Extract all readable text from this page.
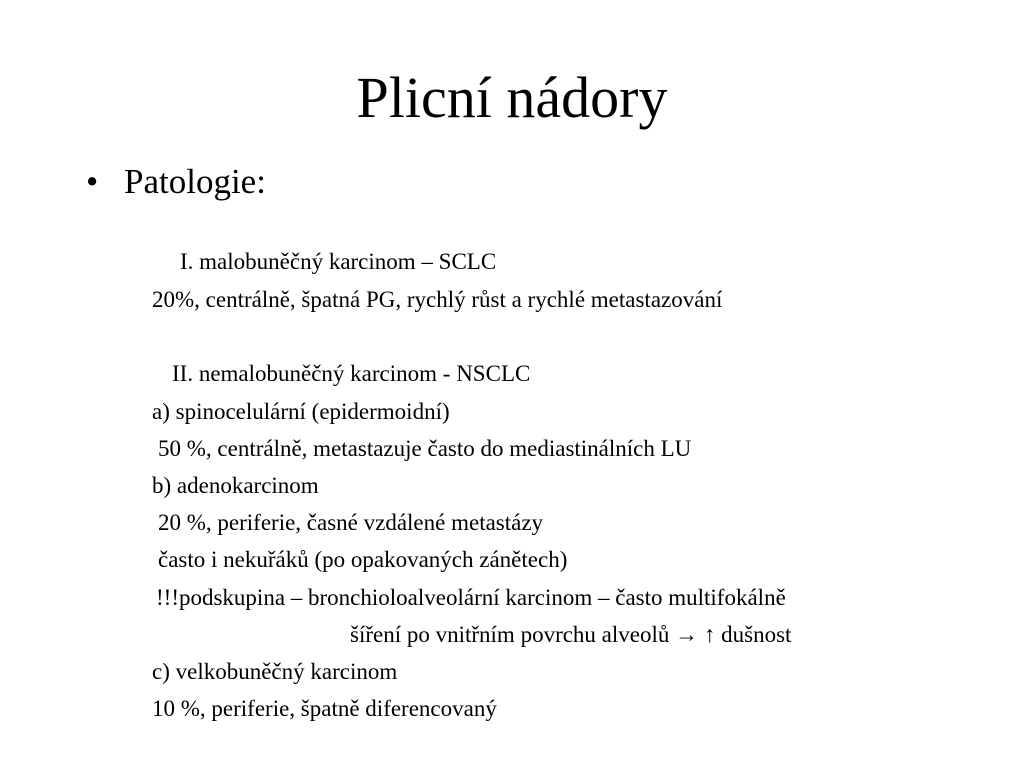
Plicní nádory
• Patologie:
I. malobuněčný karcinom – SCLC
20%, centrálně, špatná PG, rychlý růst a rychlé metastazování
II. nemalobuněčný karcinom - NSCLC
a) spinocelulární (epidermoidní)
50 %, centrálně, metastazuje často do mediastinálních LU
b) adenokarcinom
20 %, periferie, časné vzdálené metastázy
často i nekuřáků (po opakovaných zánětech)
!!!podskupina – bronchioloalveolární karcinom – často multifokálně
šíření po vnitřním povrchu alveolů → ↑ dušnost
c) velkobuněčný karcinom
10 %, periferie, špatně diferencovaný
